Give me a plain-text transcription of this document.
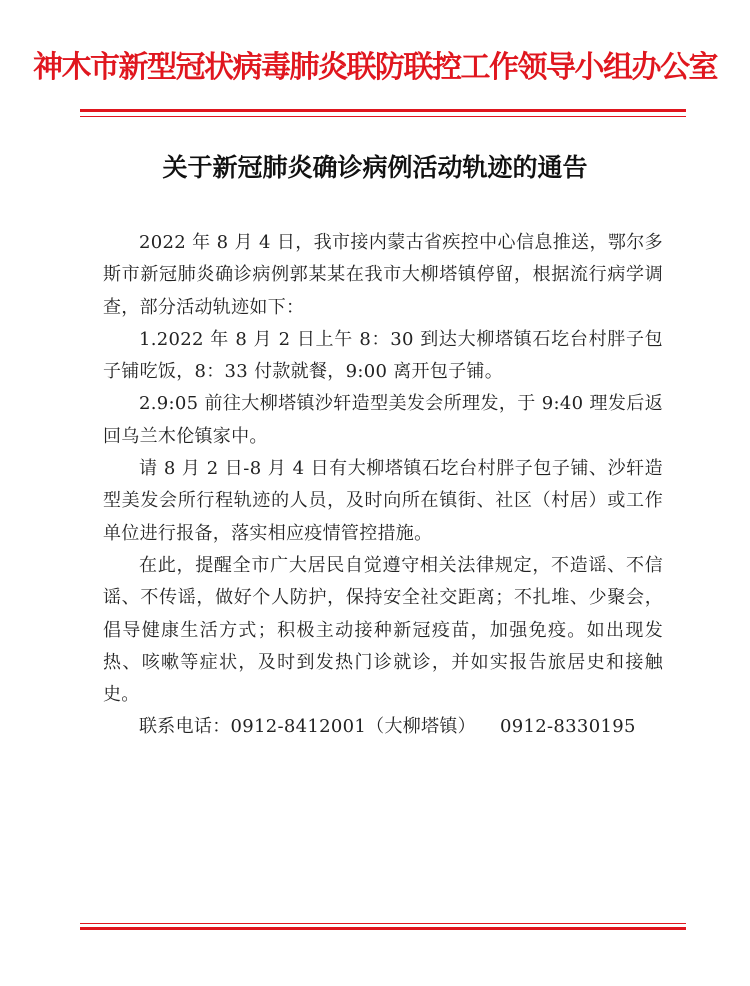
神木市新型冠状病毒肺炎联防联控工作领导小组办公室
关于新冠肺炎确诊病例活动轨迹的通告

2022 年 8 月 4 日，我市接内蒙古省疾控中心信息推送，鄂尔多斯市新冠肺炎确诊病例郭某某在我市大柳塔镇停留，根据流行病学调查，部分活动轨迹如下：

1.2022 年 8 月 2 日上午 8：30 到达大柳塔镇石圪台村胖子包子铺吃饭，8：33 付款就餐，9:00 离开包子铺。

2.9:05 前往大柳塔镇沙轩造型美发会所理发，于 9:40 理发后返回乌兰木伦镇家中。

请 8 月 2 日-8 月 4 日有大柳塔镇石圪台村胖子包子铺、沙轩造型美发会所行程轨迹的人员，及时向所在镇街、社区（村居）或工作单位进行报备，落实相应疫情管控措施。

在此，提醒全市广大居民自觉遵守相关法律规定，不造谣、不信谣、不传谣，做好个人防护，保持安全社交距离；不扎堆、少聚会，倡导健康生活方式；积极主动接种新冠疫苗，加强免疫。如出现发热、咳嗽等症状，及时到发热门诊就诊，并如实报告旅居史和接触史。

联系电话：0912-8412001（大柳塔镇）    0912-8330195
